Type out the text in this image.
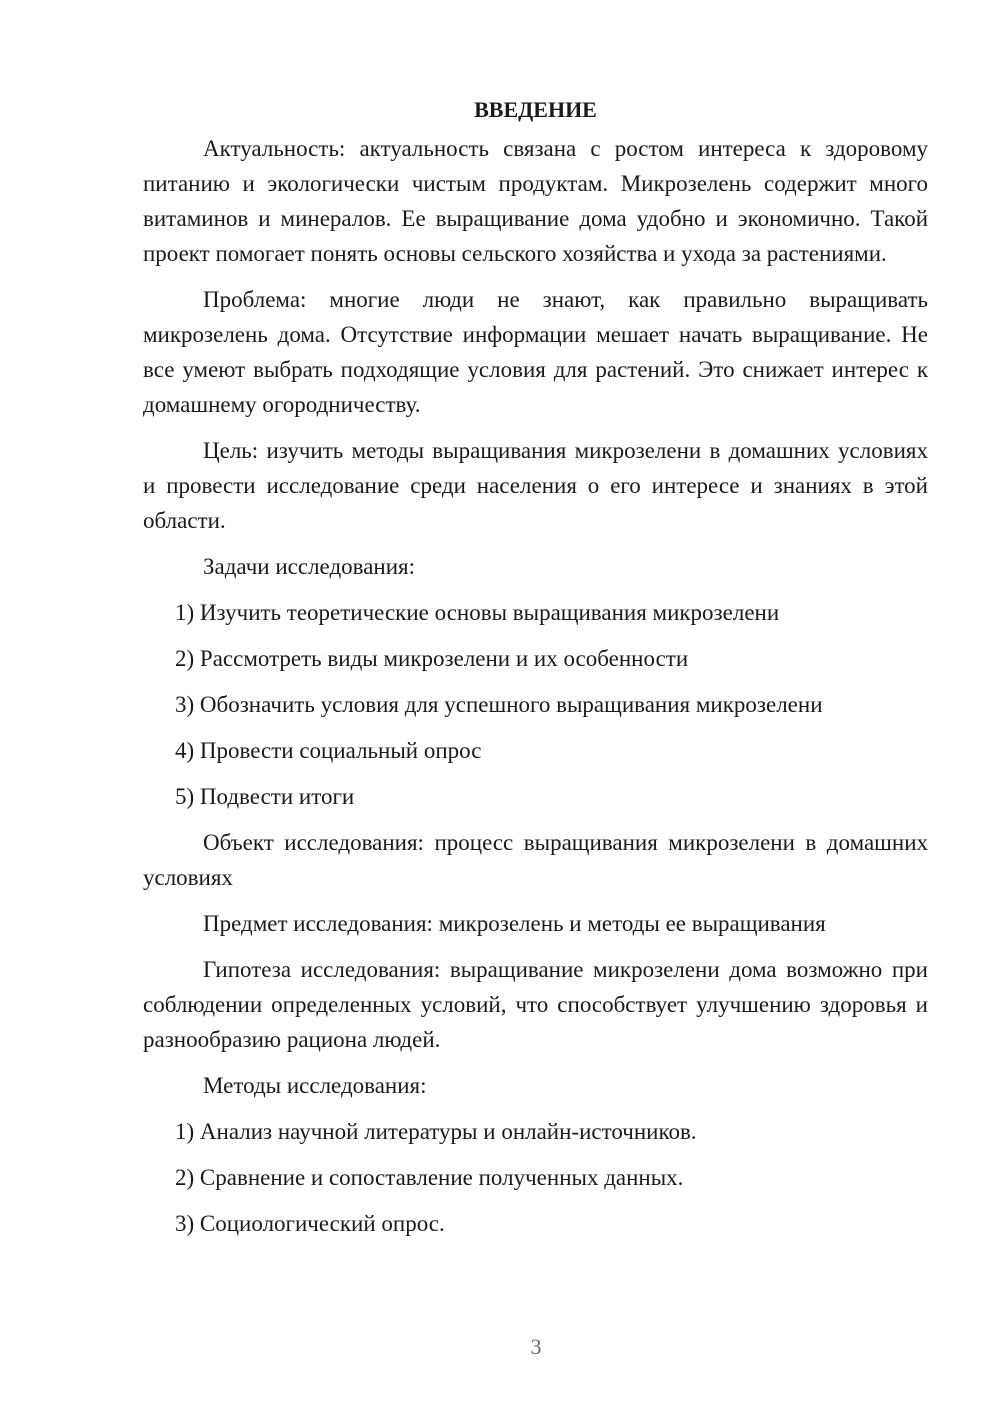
ВВЕДЕНИЕ

Актуальность: актуальность связана с ростом интереса к здоровому питанию и экологически чистым продуктам. Микрозелень содержит много витаминов и минералов. Ее выращивание дома удобно и экономично. Такой проект помогает понять основы сельского хозяйства и ухода за растениями.

Проблема: многие люди не знают, как правильно выращивать микрозелень дома. Отсутствие информации мешает начать выращивание. Не все умеют выбрать подходящие условия для растений. Это снижает интерес к домашнему огородничеству.

Цель: изучить методы выращивания микрозелени в домашних условиях и провести исследование среди населения о его интересе и знаниях в этой области.

Задачи исследования:

1) Изучить теоретические основы выращивания микрозелени

2) Рассмотреть виды микрозелени и их особенности

3) Обозначить условия для успешного выращивания микрозелени

4) Провести социальный опрос

5) Подвести итоги

Объект исследования: процесс выращивания микрозелени в домашних условиях

Предмет исследования: микрозелень и методы ее выращивания

Гипотеза исследования: выращивание микрозелени дома возможно при соблюдении определенных условий, что способствует улучшению здоровья и разнообразию рациона людей.

Методы исследования:

1) Анализ научной литературы и онлайн-источников.

2) Сравнение и сопоставление полученных данных.

3) Социологический опрос.

3
